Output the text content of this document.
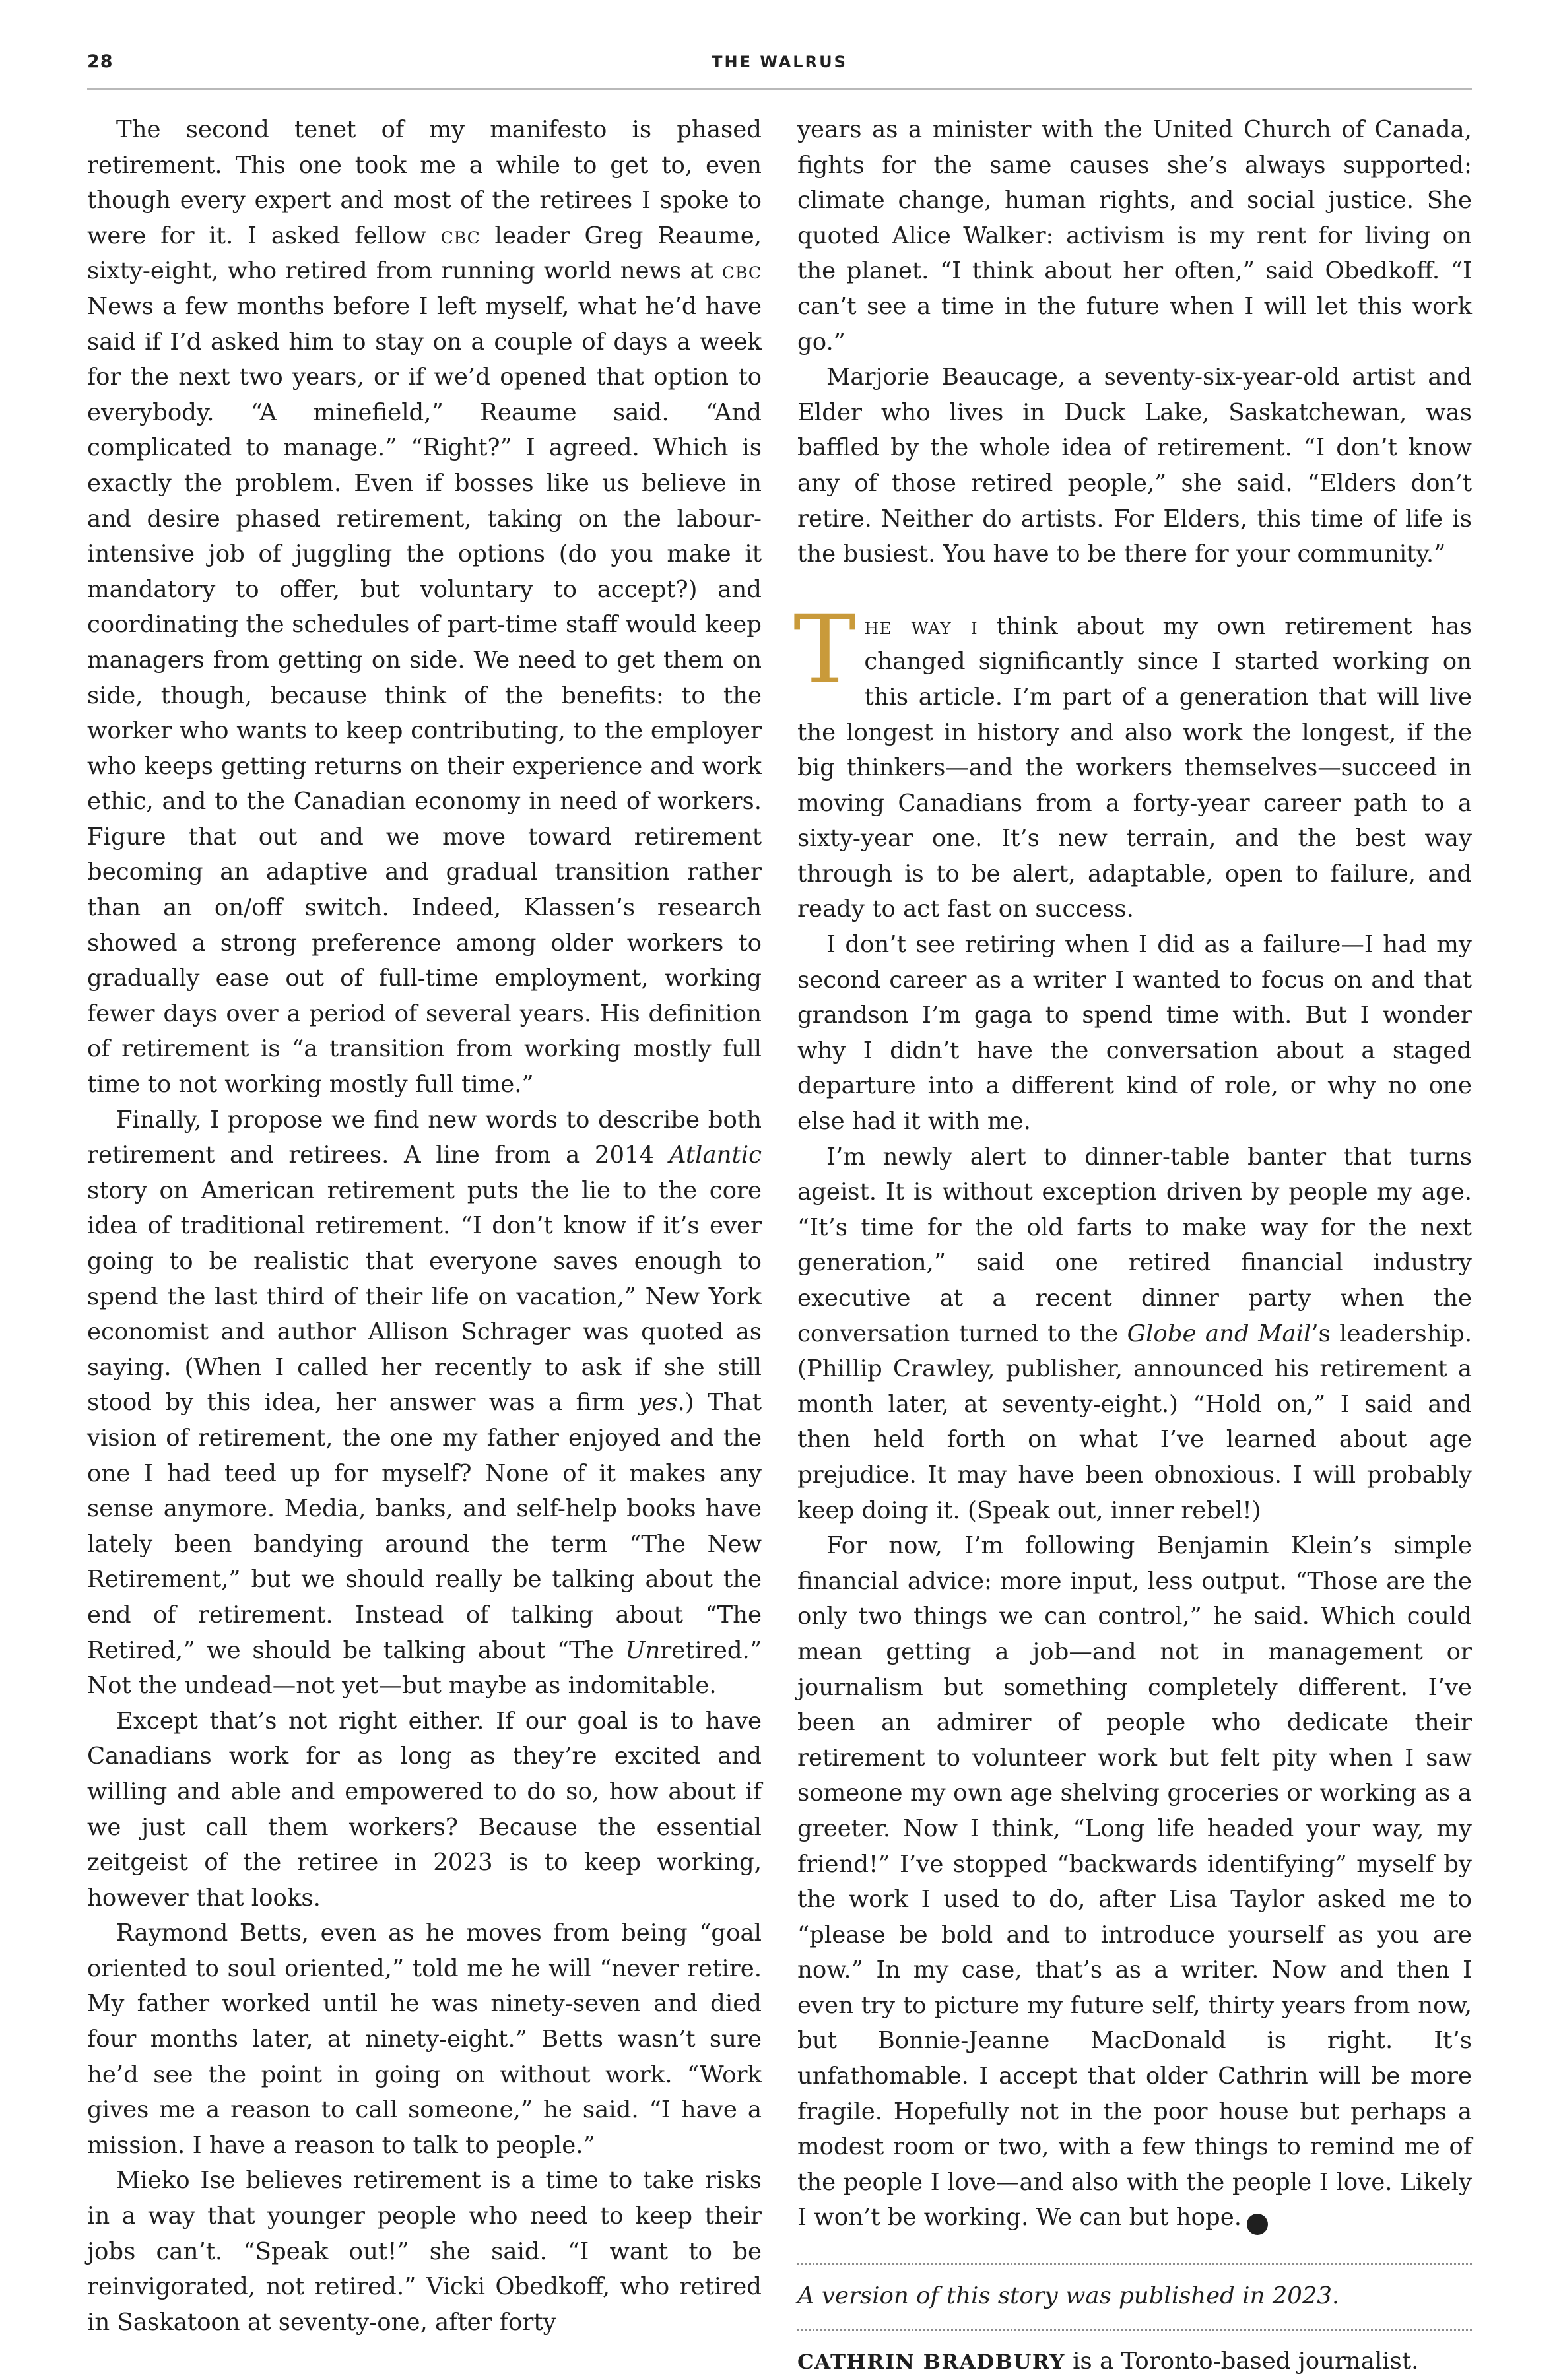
28	THE WALRUS

The second tenet of my manifesto is phased retirement. This one took me a while to get to, even though every expert and most of the retirees I spoke to were for it. I asked fellow cbc leader Greg Reaume, sixty-eight, who retired from running world news at cbc News a few months before I left myself, what he’d have said if I’d asked him to stay on a couple of days a week for the next two years, or if we’d opened that option to everybody. “A minefield,” Reaume said. “And complicated to manage.” “Right?” I agreed. Which is exactly the problem. Even if bosses like us believe in and desire phased retirement, taking on the labour-intensive job of juggling the options (do you make it mandatory to offer, but voluntary to accept?) and coordinating the schedules of part-time staff would keep managers from getting on side. We need to get them on side, though, because think of the benefits: to the worker who wants to keep contributing, to the employer who keeps getting returns on their experience and work ethic, and to the Canadian economy in need of workers. Figure that out and we move toward retirement becoming an adaptive and gradual transition rather than an on/off switch. Indeed, Klassen’s research showed a strong preference among older workers to gradually ease out of full-time employment, working fewer days over a period of several years. His definition of retirement is “a transition from working mostly full time to not working mostly full time.”

Finally, I propose we find new words to describe both retirement and retirees. A line from a 2014 Atlantic story on American retirement puts the lie to the core idea of traditional retirement. “I don’t know if it’s ever going to be realistic that everyone saves enough to spend the last third of their life on vacation,” New York economist and author Allison Schrager was quoted as saying. (When I called her recently to ask if she still stood by this idea, her answer was a firm yes.) That vision of retirement, the one my father enjoyed and the one I had teed up for myself? None of it makes any sense anymore. Media, banks, and self-help books have lately been bandying around the term “The New Retirement,” but we should really be talking about the end of retirement. Instead of talking about “The Retired,” we should be talking about “The Unretired.” Not the undead—not yet—but maybe as indomitable.

Except that’s not right either. If our goal is to have Canadians work for as long as they’re excited and willing and able and empowered to do so, how about if we just call them workers? Because the essential zeitgeist of the retiree in 2023 is to keep working, however that looks.

Raymond Betts, even as he moves from being “goal oriented to soul oriented,” told me he will “never retire. My father worked until he was ninety-seven and died four months later, at ninety-eight.” Betts wasn’t sure he’d see the point in going on without work. “Work gives me a reason to call someone,” he said. “I have a mission. I have a reason to talk to people.”

Mieko Ise believes retirement is a time to take risks in a way that younger people who need to keep their jobs can’t. “Speak out!” she said. “I want to be reinvigorated, not retired.” Vicki Obedkoff, who retired in Saskatoon at seventy-one, after forty

years as a minister with the United Church of Canada, fights for the same causes she’s always supported: climate change, human rights, and social justice. She quoted Alice Walker: activism is my rent for living on the planet. “I think about her often,” said Obedkoff. “I can’t see a time in the future when I will let this work go.”

Marjorie Beaucage, a seventy-six-year-old artist and Elder who lives in Duck Lake, Saskatchewan, was baffled by the whole idea of retirement. “I don’t know any of those retired people,” she said. “Elders don’t retire. Neither do artists. For Elders, this time of life is the busiest. You have to be there for your community.”

The way i think about my own retirement has changed significantly since I started working on this article. I’m part of a generation that will live the longest in history and also work the longest, if the big thinkers—and the workers themselves—succeed in moving Canadians from a forty-year career path to a sixty-year one. It’s new terrain, and the best way through is to be alert, adaptable, open to failure, and ready to act fast on success.

I don’t see retiring when I did as a failure—I had my second career as a writer I wanted to focus on and that grandson I’m gaga to spend time with. But I wonder why I didn’t have the conversation about a staged departure into a different kind of role, or why no one else had it with me.

I’m newly alert to dinner-table banter that turns ageist. It is without exception driven by people my age. “It’s time for the old farts to make way for the next generation,” said one retired financial industry executive at a recent dinner party when the conversation turned to the Globe and Mail’s leadership. (Phillip Crawley, publisher, announced his retirement a month later, at seventy-eight.) “Hold on,” I said and then held forth on what I’ve learned about age prejudice. It may have been obnoxious. I will probably keep doing it. (Speak out, inner rebel!)

For now, I’m following Benjamin Klein’s simple financial advice: more input, less output. “Those are the only two things we can control,” he said. Which could mean getting a job—and not in management or journalism but something completely different. I’ve been an admirer of people who dedicate their retirement to volunteer work but felt pity when I saw someone my own age shelving groceries or working as a greeter. Now I think, “Long life headed your way, my friend!” I’ve stopped “backwards identifying” myself by the work I used to do, after Lisa Taylor asked me to “please be bold and to introduce yourself as you are now.” In my case, that’s as a writer. Now and then I even try to picture my future self, thirty years from now, but Bonnie-Jeanne MacDonald is right. It’s unfathomable. I accept that older Cathrin will be more fragile. Hopefully not in the poor house but perhaps a modest room or two, with a few things to remind me of the people I love—and also with the people I love. Likely I won’t be working. We can but hope.	◖

A version of this story was published in 2023.

CATHRIN BRADBURY is a Toronto-based journalist.
